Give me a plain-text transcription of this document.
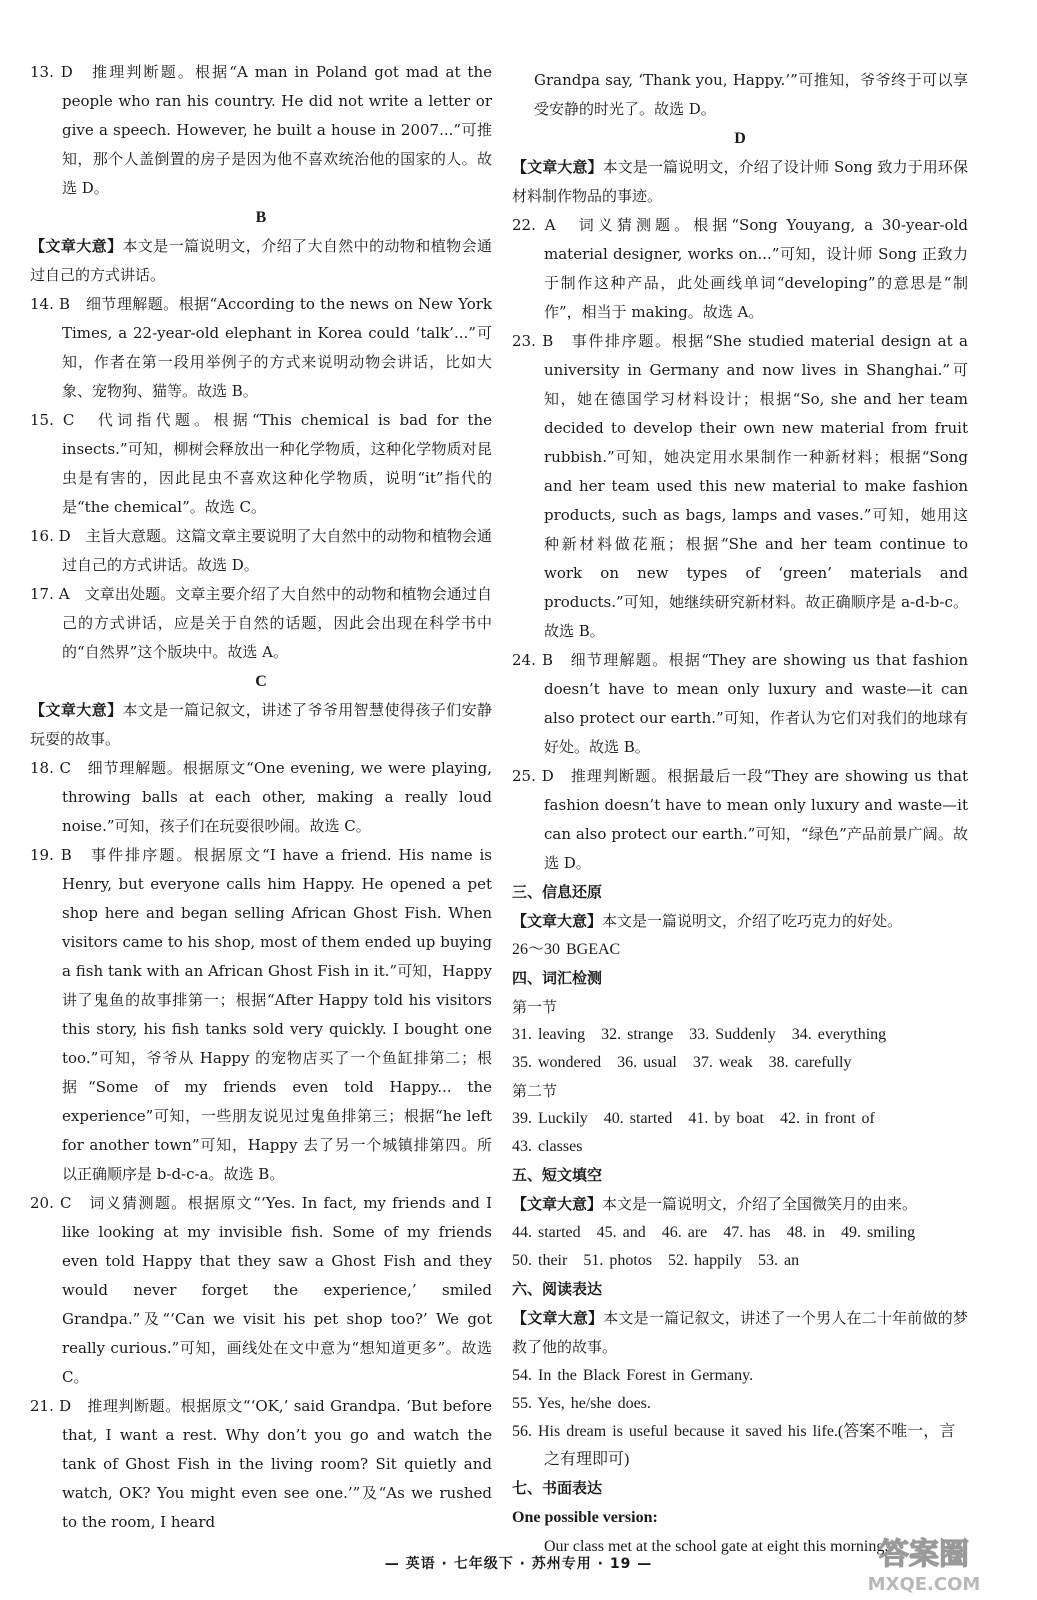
13. D　推理判断题。根据“A man in Poland got mad at the people who ran his country. He did not write a letter or give a speech. However, he built a house in 2007...”可推知，那个人盖倒置的房子是因为他不喜欢统治他的国家的人。故选 D。

B

【文章大意】本文是一篇说明文，介绍了大自然中的动物和植物会通过自己的方式讲话。

14. B　细节理解题。根据“According to the news on New York Times, a 22-year-old elephant in Korea could ‘talk’...”可知，作者在第一段用举例子的方式来说明动物会讲话，比如大象、宠物狗、猫等。故选 B。

15. C　代词指代题。根据“This chemical is bad for the insects.”可知，柳树会释放出一种化学物质，这种化学物质对昆虫是有害的，因此昆虫不喜欢这种化学物质，说明“it”指代的是“the chemical”。故选 C。

16. D　主旨大意题。这篇文章主要说明了大自然中的动物和植物会通过自己的方式讲话。故选 D。

17. A　文章出处题。文章主要介绍了大自然中的动物和植物会通过自己的方式讲话，应是关于自然的话题，因此会出现在科学书中的“自然界”这个版块中。故选 A。

C

【文章大意】本文是一篇记叙文，讲述了爷爷用智慧使得孩子们安静玩耍的故事。

18. C　细节理解题。根据原文“One evening, we were playing, throwing balls at each other, making a really loud noise.”可知，孩子们在玩耍很吵闹。故选 C。

19. B　事件排序题。根据原文“I have a friend. His name is Henry, but everyone calls him Happy. He opened a pet shop here and began selling African Ghost Fish. When visitors came to his shop, most of them ended up buying a fish tank with an African Ghost Fish in it.”可知，Happy 讲了鬼鱼的故事排第一；根据“After Happy told his visitors this story, his fish tanks sold very quickly. I bought one too.”可知，爷爷从 Happy 的宠物店买了一个鱼缸排第二；根据“Some of my friends even told Happy... the experience”可知，一些朋友说见过鬼鱼排第三；根据“he left for another town”可知，Happy 去了另一个城镇排第四。所以正确顺序是 b-d-c-a。故选 B。

20. C　词义猜测题。根据原文“‘Yes. In fact, my friends and I like looking at my invisible fish. Some of my friends even told Happy that they saw a Ghost Fish and they would never forget the experience,’ smiled Grandpa.”及“‘Can we visit his pet shop too?’ We got really curious.”可知，画线处在文中意为“想知道更多”。故选 C。

21. D　推理判断题。根据原文“‘OK,’ said Grandpa. ‘But before that, I want a rest. Why don’t you go and watch the tank of Ghost Fish in the living room? Sit quietly and watch, OK? You might even see one.’”及“As we rushed to the room, I heard

Grandpa say, ‘Thank you, Happy.’”可推知，爷爷终于可以享受安静的时光了。故选 D。

D

【文章大意】本文是一篇说明文，介绍了设计师 Song 致力于用环保材料制作物品的事迹。

22. A　词义猜测题。根据“Song Youyang, a 30-year-old material designer, works on...”可知，设计师 Song 正致力于制作这种产品，此处画线单词“developing”的意思是“制作”，相当于 making。故选 A。

23. B　事件排序题。根据“She studied material design at a university in Germany and now lives in Shanghai.”可知，她在德国学习材料设计；根据“So, she and her team decided to develop their own new material from fruit rubbish.”可知，她决定用水果制作一种新材料；根据“Song and her team used this new material to make fashion products, such as bags, lamps and vases.”可知，她用这种新材料做花瓶；根据“She and her team continue to work on new types of ‘green’ materials and products.”可知，她继续研究新材料。故正确顺序是 a-d-b-c。故选 B。

24. B　细节理解题。根据“They are showing us that fashion doesn’t have to mean only luxury and waste—it can also protect our earth.”可知，作者认为它们对我们的地球有好处。故选 B。

25. D　推理判断题。根据最后一段“They are showing us that fashion doesn’t have to mean only luxury and waste—it can also protect our earth.”可知，“绿色”产品前景广阔。故选 D。

三、信息还原

【文章大意】本文是一篇说明文，介绍了吃巧克力的好处。

26～30 BGEAC

四、词汇检测

第一节

31. leaving　32. strange　33. Suddenly　34. everything

35. wondered　36. usual　37. weak　38. carefully

第二节

39. Luckily　40. started　41. by boat　42. in front of

43. classes

五、短文填空

【文章大意】本文是一篇说明文，介绍了全国微笑月的由来。

44. started　45. and　46. are　47. has　48. in　49. smiling

50. their　51. photos　52. happily　53. an

六、阅读表达

【文章大意】本文是一篇记叙文，讲述了一个男人在二十年前做的梦救了他的故事。

54. In the Black Forest in Germany.

55. Yes, he/she does.

56. His dream is useful because it saved his life.(答案不唯一，言之有理即可)

七、书面表达

One possible version:

Our class met at the school gate at eight this morning.

— 英语 · 七年级下 · 苏州专用 · 19 —	答案圈
MXQE.COM
